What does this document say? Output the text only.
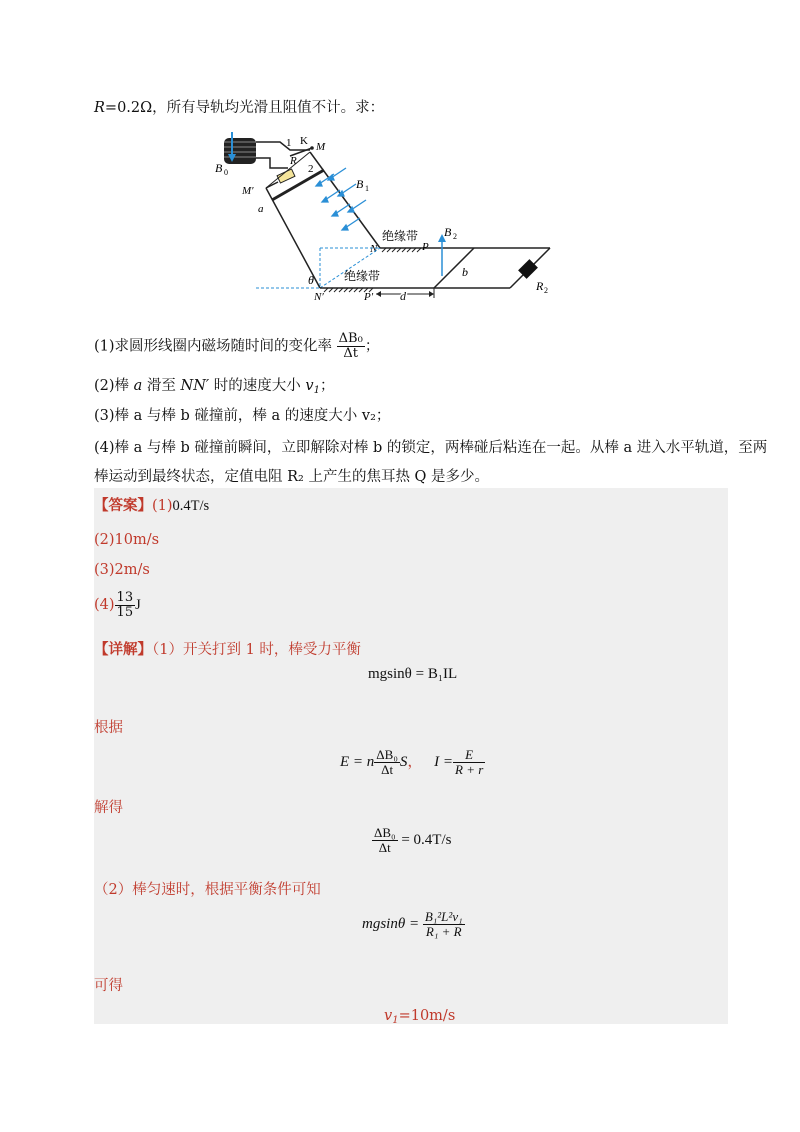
R=0.2Ω，所有导轨均光滑且阻值不计。求：
B 0
1 K M
2
R
M′
a
B 1
N
绝缘带
P
B 2
θ	绝缘带
N′	P′
b
d
R 2
(1)求圆形线圈内磁场随时间的变化率 $\frac{\text{ΔB₀}}{\Delta t}$ ；
(2)棒 a 滑至 NN′ 时的速度大小 $v_1$；
(3)棒 a 与棒 b 碰撞前，棒 a 的速度大小 v₂；
(4)棒 a 与棒 b 碰撞前瞬间，立即解除对棒 b 的锁定，两棒碰后粘连在一起。从棒 a 进入水平轨道，至两
棒运动到最终状态，定值电阻 R₂ 上产生的焦耳热 Q 是多少。
【答案】(1)0.4T/s
(2)10m/s
(3)2m/s
$(4) \frac{13}{15}$ J
【详解】（1）开关打到 1 时，棒受力平衡
mgsinθ = B₁IL
根据
E = n $\frac{\text{ΔB₀}}{\Delta t}$ S， $I = \frac{E}{R + r}$
解得
$\frac{\text{ΔB₀}}{\Delta t} = 0.4T/s$
（2）棒匀速时，根据平衡条件可知
$mgsin\theta = \frac{\text{B₁²L²v₁}}{\text{R₁ + R}}$
可得
$v_1=10m/s$
